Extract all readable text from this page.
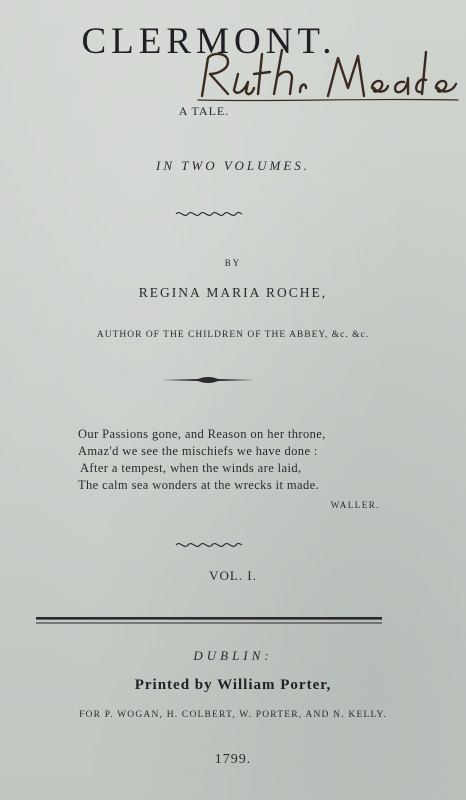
CLERMONT.
A TALE.
IN TWO VOLUMES.
BY
REGINA MARIA ROCHE,
AUTHOR OF THE CHILDREN OF THE ABBEY, &c. &c.
Our Passions gone, and Reason on her throne,
Amaz'd we see the mischiefs we have done :
After a tempest, when the winds are laid,
The calm sea wonders at the wrecks it made.
WALLER.
VOL. I.
DUBLIN:
Printed by William Porter,
FOR P. WOGAN, H. COLBERT, W. PORTER, AND N. KELLY.
1799.
